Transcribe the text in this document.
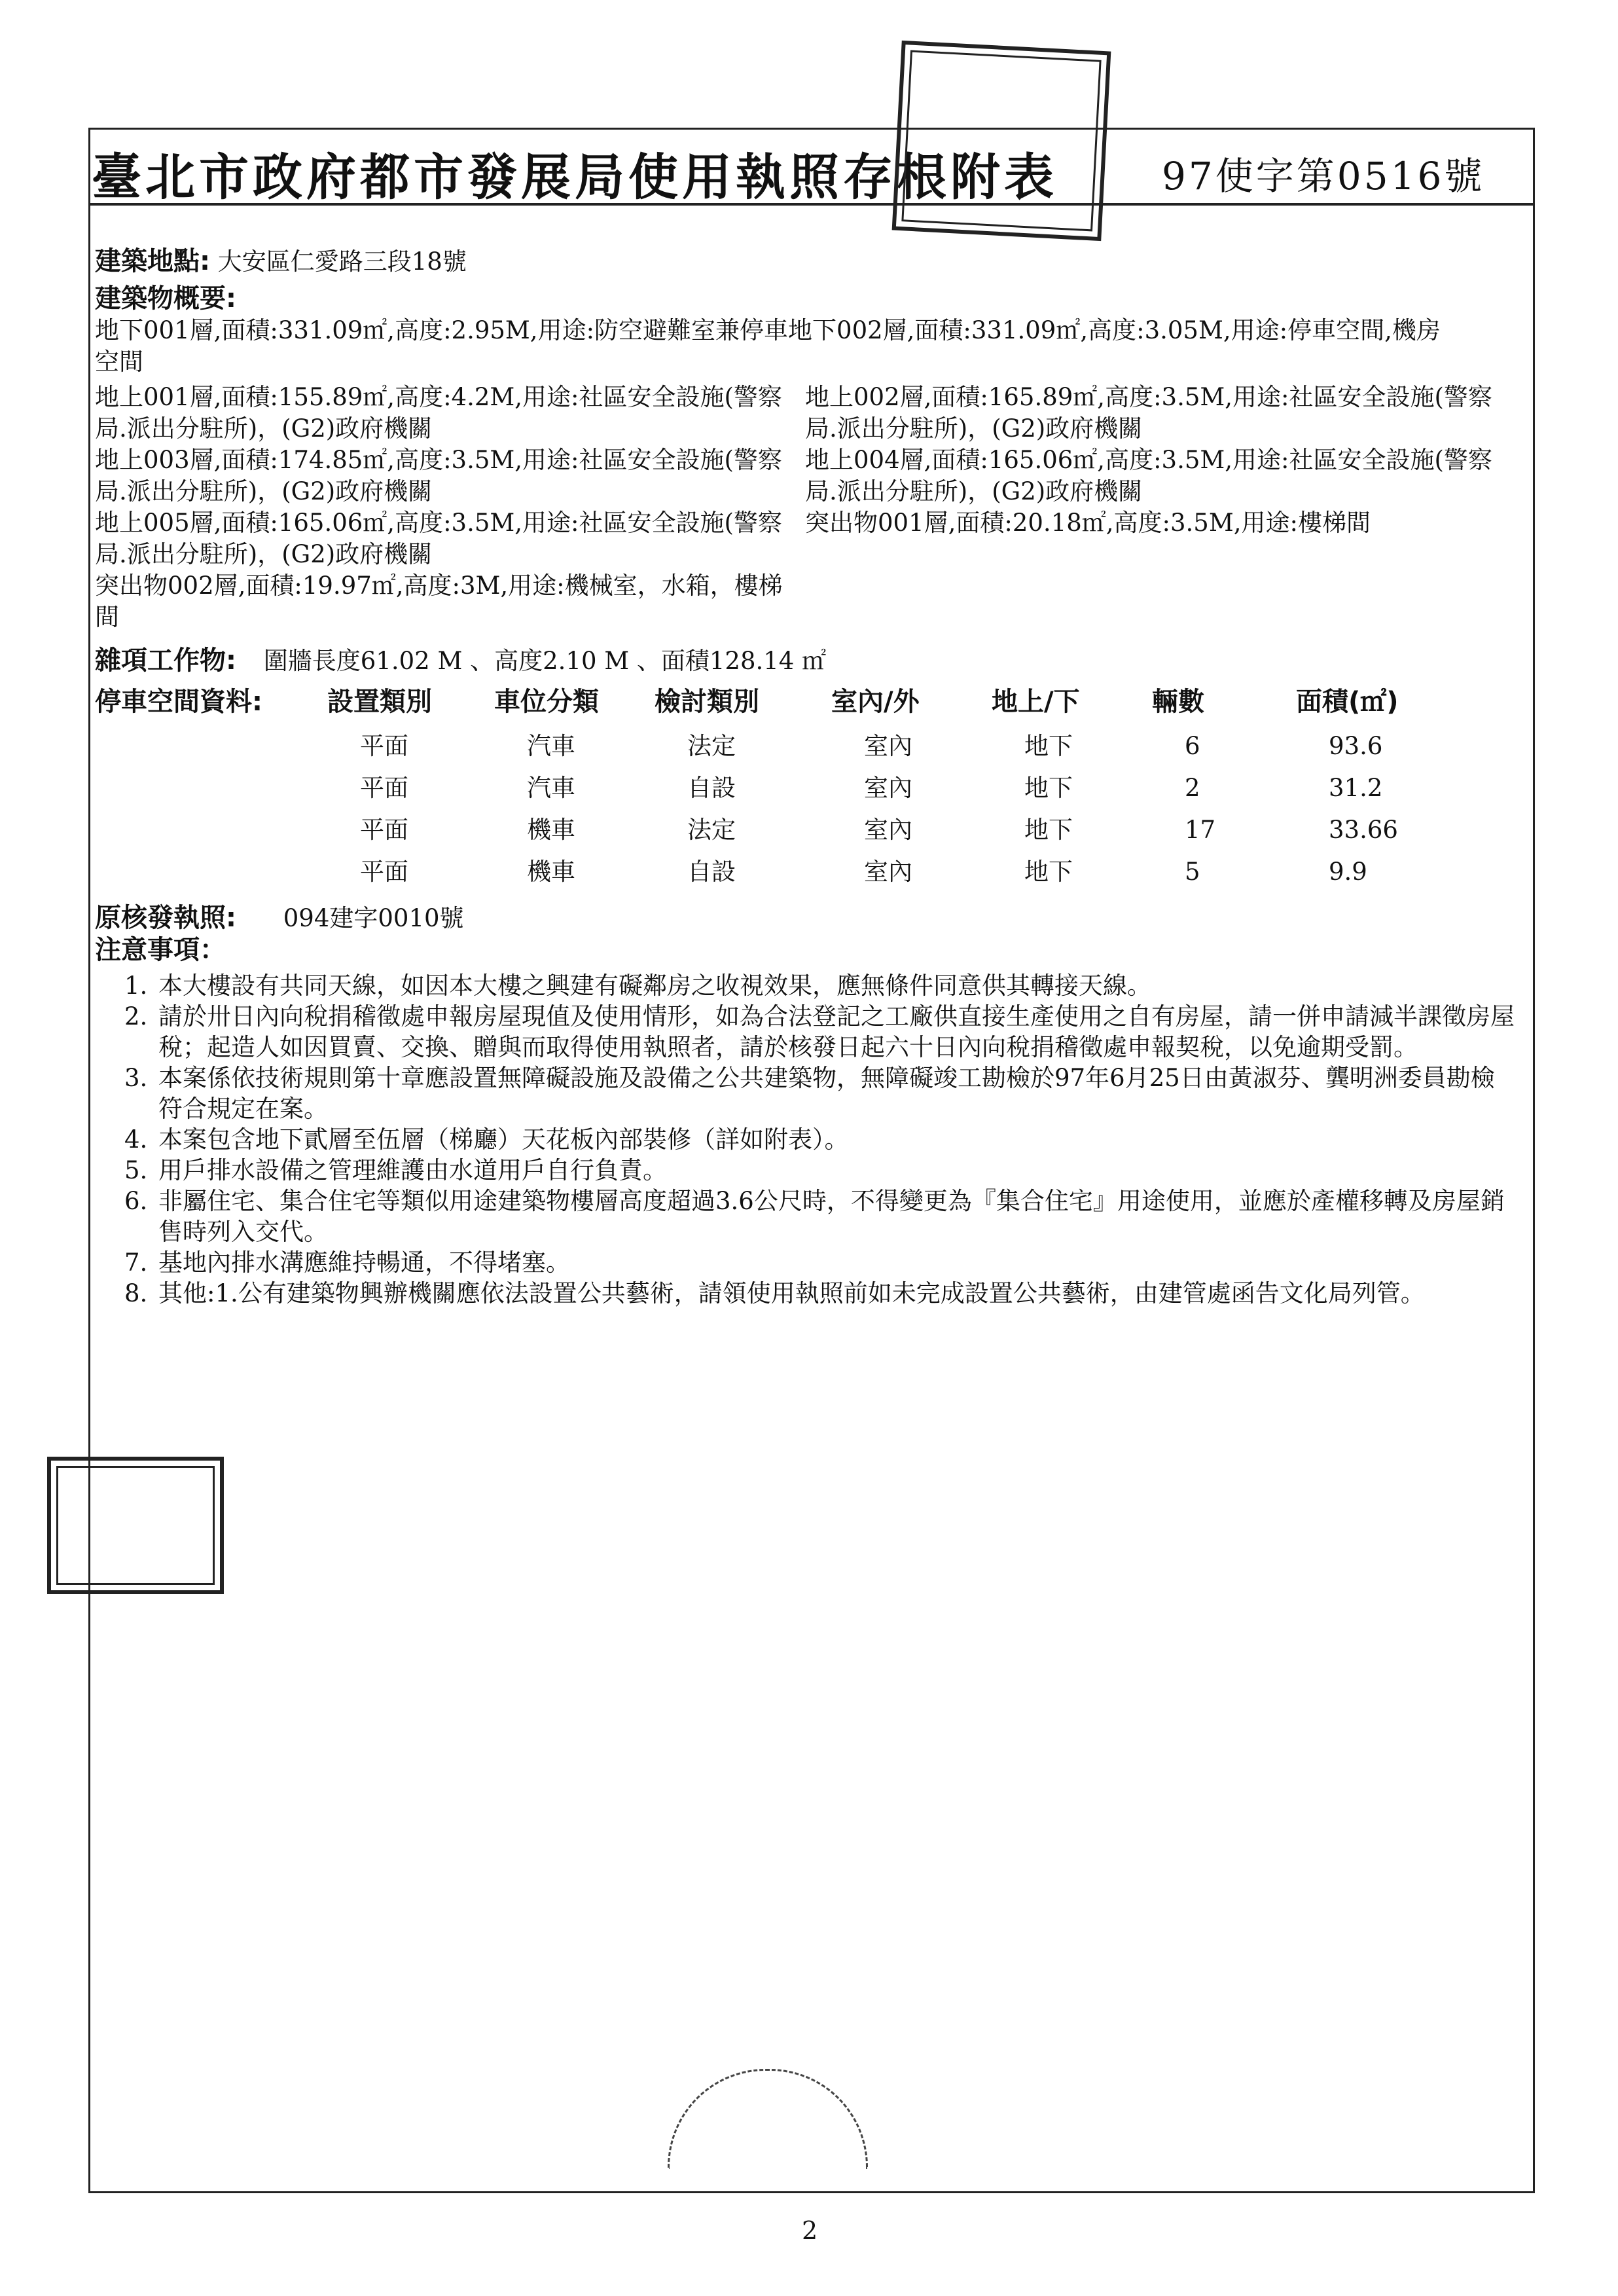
臺北市政府都市發展局使用執照存根附表	97使字第0516號
建築地點: 大安區仁愛路三段18號
建築物概要:
地下001層,面積:331.09㎡,高度:2.95M,用途:防空避難室兼停車地下002層,面積:331.09㎡,高度:3.05M,用途:停車空間,機房
空間
地上001層,面積:155.89㎡,高度:4.2M,用途:社區安全設施(警察局.派出分駐所)，(G2)政府機關
地上002層,面積:165.89㎡,高度:3.5M,用途:社區安全設施(警察局.派出分駐所)，(G2)政府機關
地上003層,面積:174.85㎡,高度:3.5M,用途:社區安全設施(警察局.派出分駐所)，(G2)政府機關
地上004層,面積:165.06㎡,高度:3.5M,用途:社區安全設施(警察局.派出分駐所)，(G2)政府機關
地上005層,面積:165.06㎡,高度:3.5M,用途:社區安全設施(警察局.派出分駐所)，(G2)政府機關
突出物001層,面積:20.18㎡,高度:3.5M,用途:樓梯間
突出物002層,面積:19.97㎡,高度:3M,用途:機械室，水箱，樓梯間
雜項工作物: 圍牆長度61.02 M 、高度2.10 M 、面積128.14 ㎡
停車空間資料:	設置類別	車位分類	檢討類別	室內/外	地上/下	輛數	面積(㎡)
平面	汽車	法定	室內	地下	6	93.6
平面	汽車	自設	室內	地下	2	31.2
平面	機車	法定	室內	地下	17	33.66
平面	機車	自設	室內	地下	5	9.9
原核發執照: 094建字0010號
注意事項：
1. 本大樓設有共同天線，如因本大樓之興建有礙鄰房之收視效果，應無條件同意供其轉接天線。
2. 請於卅日內向稅捐稽徵處申報房屋現值及使用情形，如為合法登記之工廠供直接生產使用之自有房屋，請一併申請減半課徵房屋稅；起造人如因買賣、交換、贈與而取得使用執照者，請於核發日起六十日內向稅捐稽徵處申報契稅，以免逾期受罰。
3. 本案係依技術規則第十章應設置無障礙設施及設備之公共建築物，無障礙竣工勘檢於97年6月25日由黃淑芬、龔明洲委員勘檢符合規定在案。
4. 本案包含地下貳層至伍層（梯廳）天花板內部裝修（詳如附表）。
5. 用戶排水設備之管理維護由水道用戶自行負責。
6. 非屬住宅、集合住宅等類似用途建築物樓層高度超過3.6公尺時，不得變更為『集合住宅』用途使用，並應於產權移轉及房屋銷售時列入交代。
7. 基地內排水溝應維持暢通，不得堵塞。
8. 其他:1.公有建築物興辦機關應依法設置公共藝術，請領使用執照前如未完成設置公共藝術，由建管處函告文化局列管。
2
